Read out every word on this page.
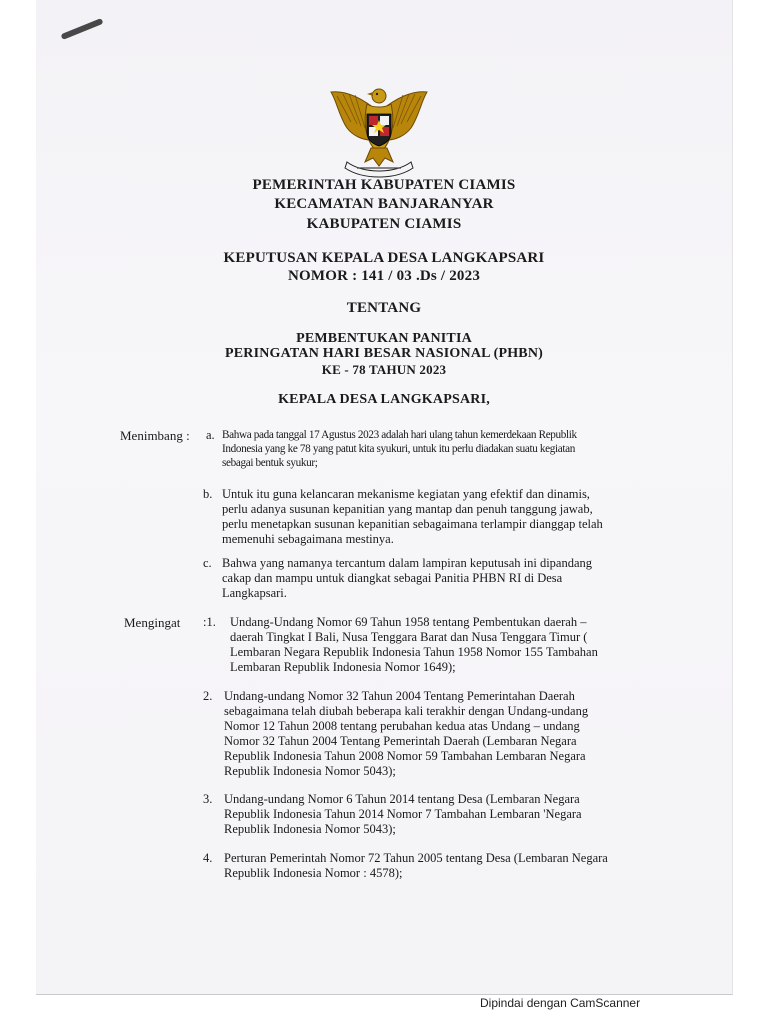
PEMERINTAH KABUPATEN CIAMIS
KECAMATAN BANJARANYAR
KABUPATEN CIAMIS
KEPUTUSAN KEPALA DESA LANGKAPSARI
NOMOR : 141 / 03 .Ds / 2023
TENTANG
PEMBENTUKAN PANITIA
PERINGATAN HARI BESAR NASIONAL (PHBN)
KE - 78 TAHUN 2023
KEPALA DESA LANGKAPSARI,
Menimbang : a. Bahwa pada tanggal 17 Agustus 2023 adalah hari ulang tahun kemerdekaan Republik
Indonesia yang ke 78 yang patut kita syukuri, untuk itu perlu diadakan suatu kegiatan
sebagai bentuk syukur;
b. Untuk itu guna kelancaran mekanisme kegiatan yang efektif dan dinamis,
perlu adanya susunan kepanitian yang mantap dan penuh tanggung jawab,
perlu menetapkan susunan kepanitian sebagaimana terlampir dianggap telah
memenuhi sebagaimana mestinya.
c. Bahwa yang namanya tercantum dalam lampiran keputusah ini dipandang
cakap dan mampu untuk diangkat sebagai Panitia PHBN RI di Desa
Langkapsari.
Mengingat :1. Undang-Undang Nomor 69 Tahun 1958 tentang Pembentukan daerah –
daerah Tingkat I Bali, Nusa Tenggara Barat dan Nusa Tenggara Timur (
Lembaran Negara Republik Indonesia Tahun 1958 Nomor 155 Tambahan
Lembaran Republik Indonesia Nomor 1649);
2. Undang-undang Nomor 32 Tahun 2004 Tentang Pemerintahan Daerah
sebagaimana telah diubah beberapa kali terakhir dengan Undang-undang
Nomor 12 Tahun 2008 tentang perubahan kedua atas Undang – undang
Nomor 32 Tahun 2004 Tentang Pemerintah Daerah (Lembaran Negara
Republik Indonesia Tahun 2008 Nomor 59 Tambahan Lembaran Negara
Republik Indonesia Nomor 5043);
3. Undang-undang Nomor 6 Tahun 2014 tentang Desa (Lembaran Negara
Republik Indonesia Tahun 2014 Nomor 7 Tambahan Lembaran 'Negara
Republik Indonesia Nomor 5043);
4. Perturan Pemerintah Nomor 72 Tahun 2005 tentang Desa (Lembaran Negara
Republik Indonesia Nomor : 4578);
Dipindai dengan CamScanner
